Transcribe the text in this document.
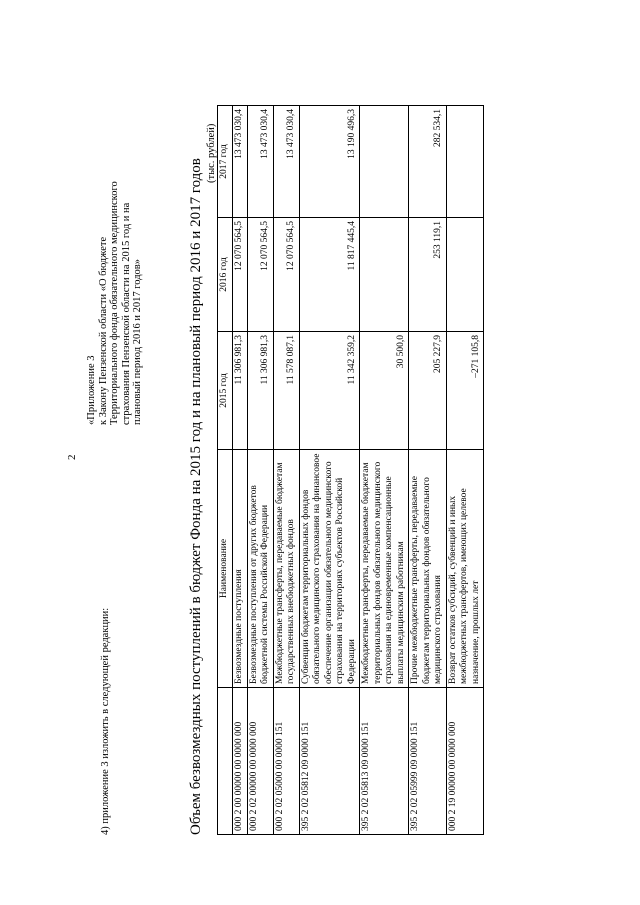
2
4) приложение 3 изложить в следующей редакции:
«Приложение 3 к Закону Пензенской области «О бюджете Территориального фонда обязательного медицинского страхования Пензенской области на 2015 год и на плановый период 2016 и 2017 годов»	Объем безвозмездных поступлений в бюджет Фонда на 2015 год и на плановый период 2016 и 2017 годов
(тыс. рублей)
	Наименование	2015 год	2016 год	2017 год
000 2 00 00000 00 0000 000	Безвозмездные поступления	11 306 981,3	12 070 564,5	13 473 030,4
000 2 02 00000 00 0000 000	Безвозмездные поступления от других бюджетов бюджетной системы Российской Федерации	11 306 981,3	12 070 564,5	13 473 030,4
000 2 02 05000 00 0000 151	Межбюджетные трансферты, передаваемые бюджетам государственных внебюджетных фондов	11 578 087,1	12 070 564,5	13 473 030,4
395 2 02 05812 09 0000 151	Субвенции бюджетам территориальных фондов обязательного медицинского страхования на финансовое обеспечение организации обязательного медицинского страхования на территориях субъектов Российской Федерации	11 342 359,2	11 817 445,4	13 190 496,3
395 2 02 05813 09 0000 151	Межбюджетные трансферты, передаваемые бюджетам территориальных фондов обязательного медицинского страхования на единовременные компенсационные выплаты медицинским работникам	30 500,0		
395 2 02 05999 09 0000 151	Прочие межбюджетные трансферты, передаваемые бюджетам территориальных фондов обязательного медицинского страхования	205 227,9	253 119,1	282 534,1
000 2 19 00000 00 0000 000	Возврат остатков субсидий, субвенций и иных межбюджетных трансфертов, имеющих целевое назначение, прошлых лет	–271 105,8		
